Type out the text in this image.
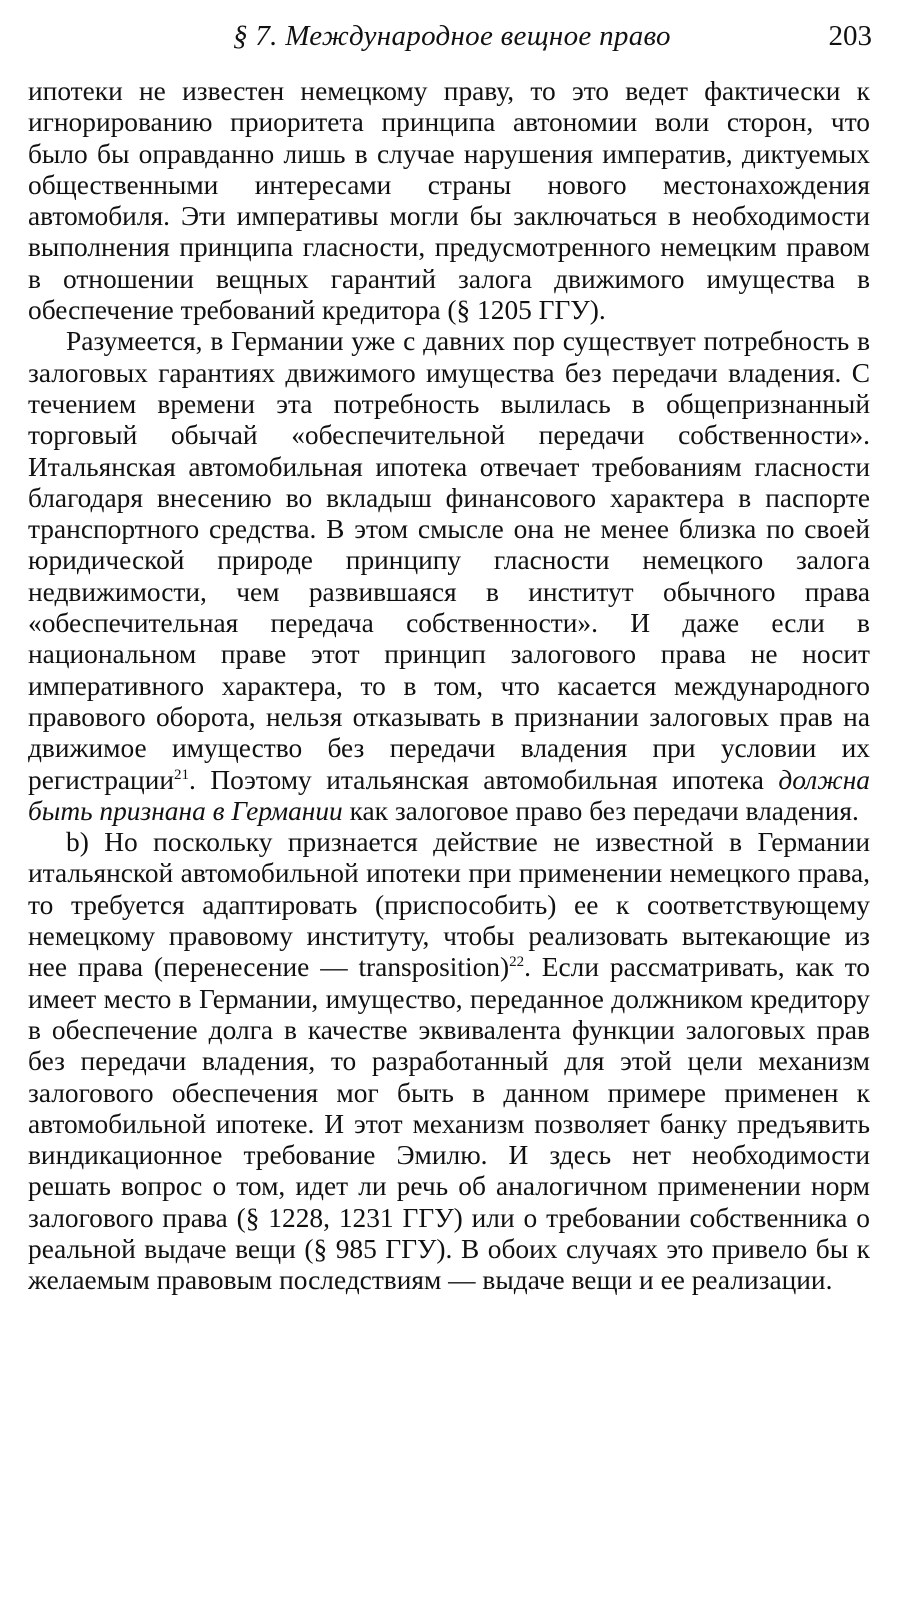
§ 7. Международное вещное право	203

ипотеки не известен немецкому праву, то это ведет фактически к игнорированию приоритета принципа автономии воли сторон, что было бы оправданно лишь в случае нарушения императив, диктуемых общественными интересами страны нового местонахождения автомобиля. Эти императивы могли бы заключаться в необходимости выполнения принципа гласности, предусмотренного немецким правом в отношении вещных гарантий залога движимого имущества в обеспечение требований кредитора (§ 1205 ГГУ).

Разумеется, в Германии уже с давних пор существует потребность в залоговых гарантиях движимого имущества без передачи владения. С течением времени эта потребность вылилась в общепризнанный торговый обычай «обеспечительной передачи собственности». Итальянская автомобильная ипотека отвечает требованиям гласности благодаря внесению во вкладыш финансового характера в паспорте транспортного средства. В этом смысле она не менее близка по своей юридической природе принципу гласности немецкого залога недвижимости, чем развившаяся в институт обычного права «обеспечительная передача собственности». И даже если в национальном праве этот принцип залогового права не носит императивного характера, то в том, что касается международного правового оборота, нельзя отказывать в признании залоговых прав на движимое имущество без передачи владения при условии их регистрации$^{21}$. Поэтому итальянская автомобильная ипотека должна быть признана в Германии как залоговое право без передачи владения.

b) Но поскольку признается действие не известной в Германии итальянской автомобильной ипотеки при применении немецкого права, то требуется адаптировать (приспособить) ее к соответствующему немецкому правовому институту, чтобы реализовать вытекающие из нее права (перенесение — transposition)$^{22}$. Если рассматривать, как то имеет место в Германии, имущество, переданное должником кредитору в обеспечение долга в качестве эквивалента функции залоговых прав без передачи владения, то разработанный для этой цели механизм залогового обеспечения мог быть в данном примере применен к автомобильной ипотеке. И этот механизм позволяет банку предъявить виндикационное требование Эмилю. И здесь нет необходимости решать вопрос о том, идет ли речь об аналогичном применении норм залогового права (§ 1228, 1231 ГГУ) или о требовании собственника о реальной выдаче вещи (§ 985 ГГУ). В обоих случаях это привело бы к желаемым правовым последствиям — выдаче вещи и ее реализации.
